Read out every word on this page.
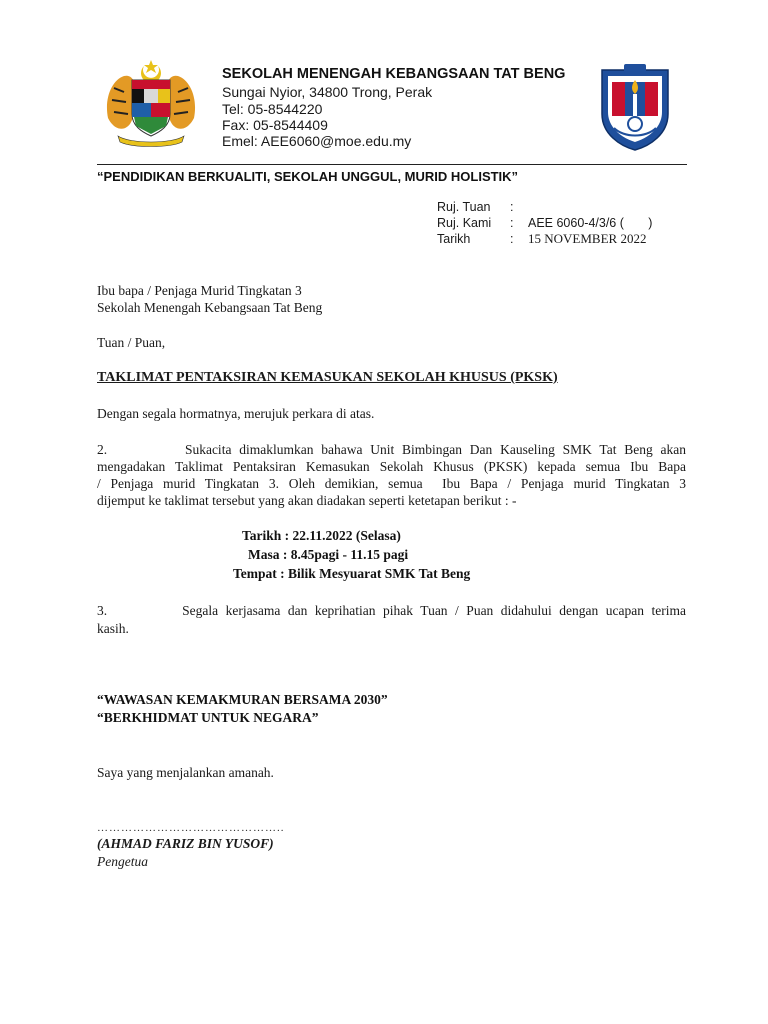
SEKOLAH MENENGAH KEBANGSAAN TAT BENG
Sungai Nyior, 34800 Trong, Perak
Tel: 05-8544220
Fax: 05-8544409
Emel: AEE6060@moe.edu.my
“PENDIDIKAN BERKUALITI, SEKOLAH UNGGUL, MURID HOLISTIK”
Ruj. Tuan :
Ruj. Kami : AEE 6060-4/3/6 (       )
Tarikh	: 15 NOVEMBER 2022
Ibu bapa / Penjaga Murid Tingkatan 3
Sekolah Menengah Kebangsaan Tat Beng
Tuan / Puan,
TAKLIMAT PENTAKSIRAN KEMASUKAN SEKOLAH KHUSUS (PKSK)
Dengan segala hormatnya, merujuk perkara di atas.
2.          Sukacita dimaklumkan bahawa Unit Bimbingan Dan Kauseling SMK Tat Beng akan
mengadakan Taklimat Pentaksiran Kemasukan Sekolah Khusus (PKSK) kepada semua Ibu Bapa
/ Penjaga murid Tingkatan 3. Oleh demikian, semua  Ibu Bapa / Penjaga murid Tingkatan 3
dijemput ke taklimat tersebut yang akan diadakan seperti ketetapan berikut : -
Tarikh : 22.11.2022 (Selasa)
Masa : 8.45pagi - 11.15 pagi
Tempat : Bilik Mesyuarat SMK Tat Beng
3.          Segala kerjasama dan keprihatian pihak Tuan / Puan didahului dengan ucapan terima
kasih.
“WAWASAN KEMAKMURAN BERSAMA 2030”
“BERKHIDMAT UNTUK NEGARA”
Saya yang menjalankan amanah.
………………………………………..
(AHMAD FARIZ BIN YUSOF)
Pengetua
